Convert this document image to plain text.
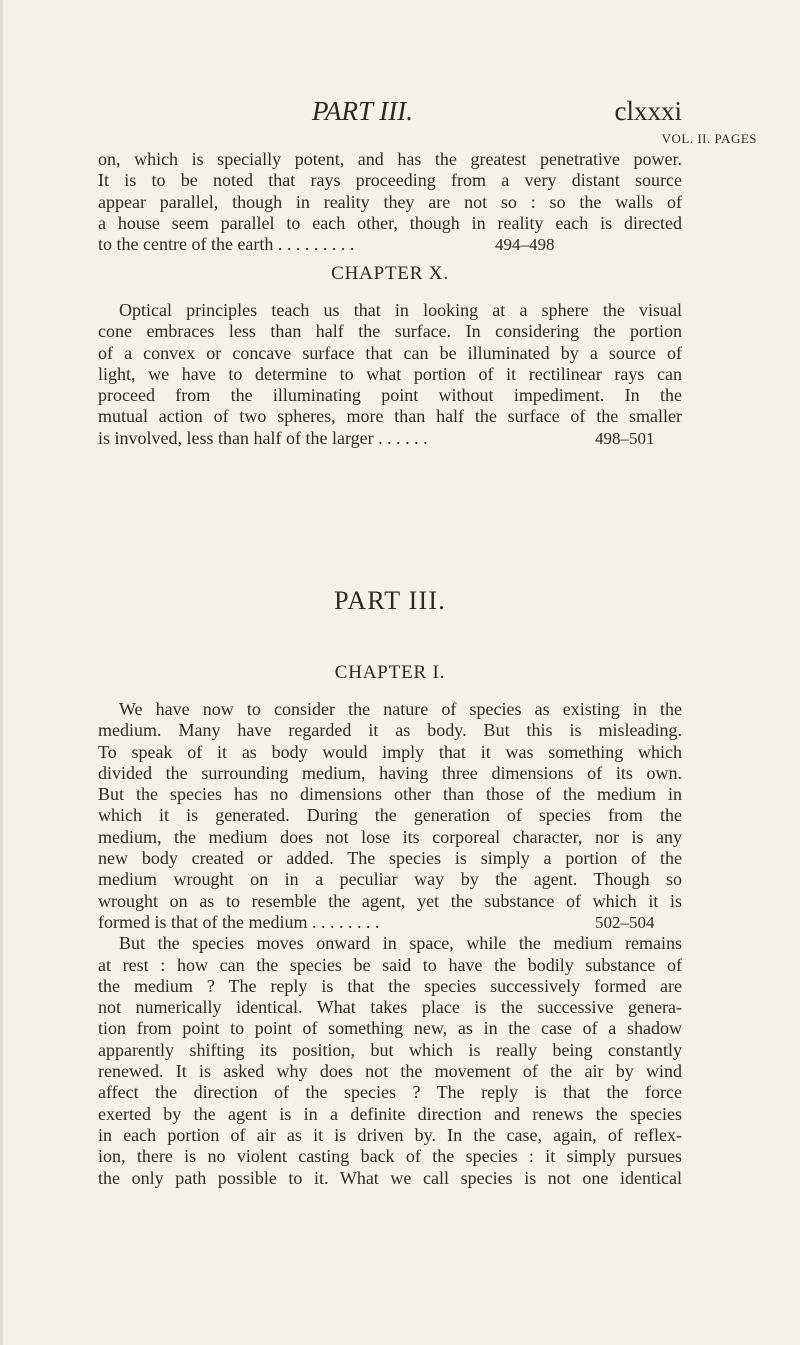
PART III.	clxxxi
VOL. II. PAGES
on, which is specially potent, and has the greatest penetrative power.
It is to be noted that rays proceeding from a very distant source
appear parallel, though in reality they are not so : so the walls of
a house seem parallel to each other, though in reality each is directed
to the centre of the earth . . . . . . . . .	494–498
CHAPTER X.
Optical principles teach us that in looking at a sphere the visual
cone embraces less than half the surface. In considering the portion
of a convex or concave surface that can be illuminated by a source of
light, we have to determine to what portion of it rectilinear rays can
proceed from the illuminating point without impediment. In the
mutual action of two spheres, more than half the surface of the smaller
is involved, less than half of the larger . . . . . .	498–501
PART III.
CHAPTER I.
We have now to consider the nature of species as existing in the
medium. Many have regarded it as body. But this is misleading.
To speak of it as body would imply that it was something which
divided the surrounding medium, having three dimensions of its own.
But the species has no dimensions other than those of the medium in
which it is generated. During the generation of species from the
medium, the medium does not lose its corporeal character, nor is any
new body created or added. The species is simply a portion of the
medium wrought on in a peculiar way by the agent. Though so
wrought on as to resemble the agent, yet the substance of which it is
formed is that of the medium . . . . . . . .	502–504
But the species moves onward in space, while the medium remains
at rest : how can the species be said to have the bodily substance of
the medium ? The reply is that the species successively formed are
not numerically identical. What takes place is the successive genera-
tion from point to point of something new, as in the case of a shadow
apparently shifting its position, but which is really being constantly
renewed. It is asked why does not the movement of the air by wind
affect the direction of the species ? The reply is that the force
exerted by the agent is in a definite direction and renews the species
in each portion of air as it is driven by. In the case, again, of reflex-
ion, there is no violent casting back of the species : it simply pursues
the only path possible to it. What we call species is not one identical
